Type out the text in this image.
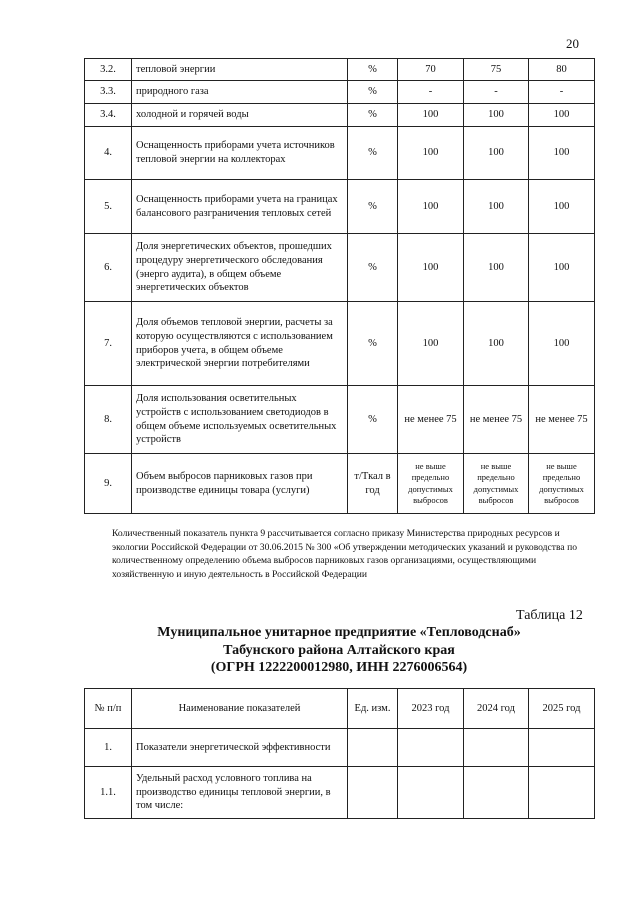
20
3.2.	тепловой энергии	%	70	75	80
3.3.	природного газа	%	-	-	-
3.4.	холодной и горячей воды	%	100	100	100
4.	Оснащенность приборами учета источников тепловой энергии на коллекторах	%	100	100	100
5.	Оснащенность приборами учета на границах балансового разграничения тепловых сетей	%	100	100	100
6.	Доля энергетических объектов, прошедших процедуру энергетического обследования (энерго аудита), в общем объеме энергетических объектов	%	100	100	100
7.	Доля объемов тепловой энергии, расчеты за которую осуществляются с использованием приборов учета, в общем объеме электрической энергии потребителями	%	100	100	100
8.	Доля использования осветительных устройств с использованием светодиодов в общем объеме используемых осветительных устройств	%	не менее 75	не менее 75	не менее 75
9.	Объем выбросов парниковых газов при производстве единицы товара (услуги)	т/Ткал в год	не выше предельно допустимых выбросов	не выше предельно допустимых выбросов	не выше предельно допустимых выбросов
Количественный показатель пункта 9 рассчитывается согласно приказу Министерства природных ресурсов и экологии Российской Федерации от 30.06.2015 № 300 «Об утверждении методических указаний и руководства по количественному определению объема выбросов парниковых газов организациями, осуществляющими хозяйственную и иную деятельность в Российской Федерации
Таблица 12
Муниципальное унитарное предприятие «Тепловодснаб»
Табунского района Алтайского края
(ОГРН 1222200012980, ИНН 2276006564)
№ п/п	Наименование показателей	Ед. изм.	2023 год	2024 год	2025 год
1.	Показатели энергетической эффективности				
1.1.	Удельный расход условного топлива на производство единицы тепловой энергии, в том числе:				
